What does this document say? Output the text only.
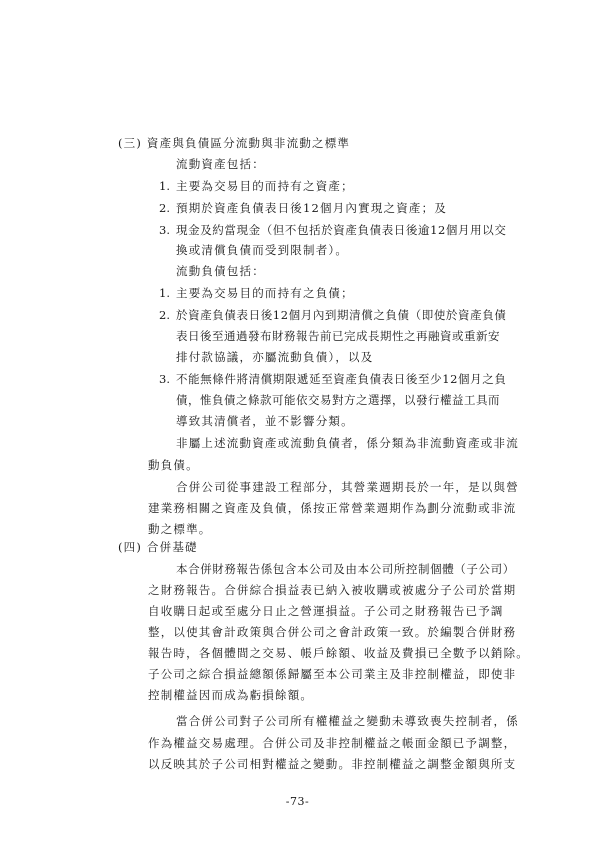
(三) 資產與負債區分流動與非流動之標準
流動資產包括：
1. 主要為交易目的而持有之資產；
2. 預期於資產負債表日後12個月內實現之資產；及
3. 現金及約當現金（但不包括於資產負債表日後逾12個月用以交
換或清償負債而受到限制者）。
流動負債包括：
1. 主要為交易目的而持有之負債；
2. 於資產負債表日後12個月內到期清償之負債（即使於資產負債
表日後至通過發布財務報告前已完成長期性之再融資或重新安
排付款協議，亦屬流動負債），以及
3. 不能無條件將清償期限遞延至資產負債表日後至少12個月之負
債，惟負債之條款可能依交易對方之選擇，以發行權益工具而
導致其清償者，並不影響分類。
非屬上述流動資產或流動負債者，係分類為非流動資產或非流
動負債。
合併公司從事建設工程部分，其營業週期長於一年，是以與營
建業務相關之資產及負債，係按正常營業週期作為劃分流動或非流
動之標準。
(四) 合併基礎
本合併財務報告係包含本公司及由本公司所控制個體（子公司）
之財務報告。合併綜合損益表已納入被收購或被處分子公司於當期
自收購日起或至處分日止之營運損益。子公司之財務報告已予調
整，以使其會計政策與合併公司之會計政策一致。於編製合併財務
報告時，各個體間之交易、帳戶餘額、收益及費損已全數予以銷除。
子公司之綜合損益總額係歸屬至本公司業主及非控制權益，即使非
控制權益因而成為虧損餘額。
當合併公司對子公司所有權權益之變動未導致喪失控制者，係
作為權益交易處理。合併公司及非控制權益之帳面金額已予調整，
以反映其於子公司相對權益之變動。非控制權益之調整金額與所支
-73-
